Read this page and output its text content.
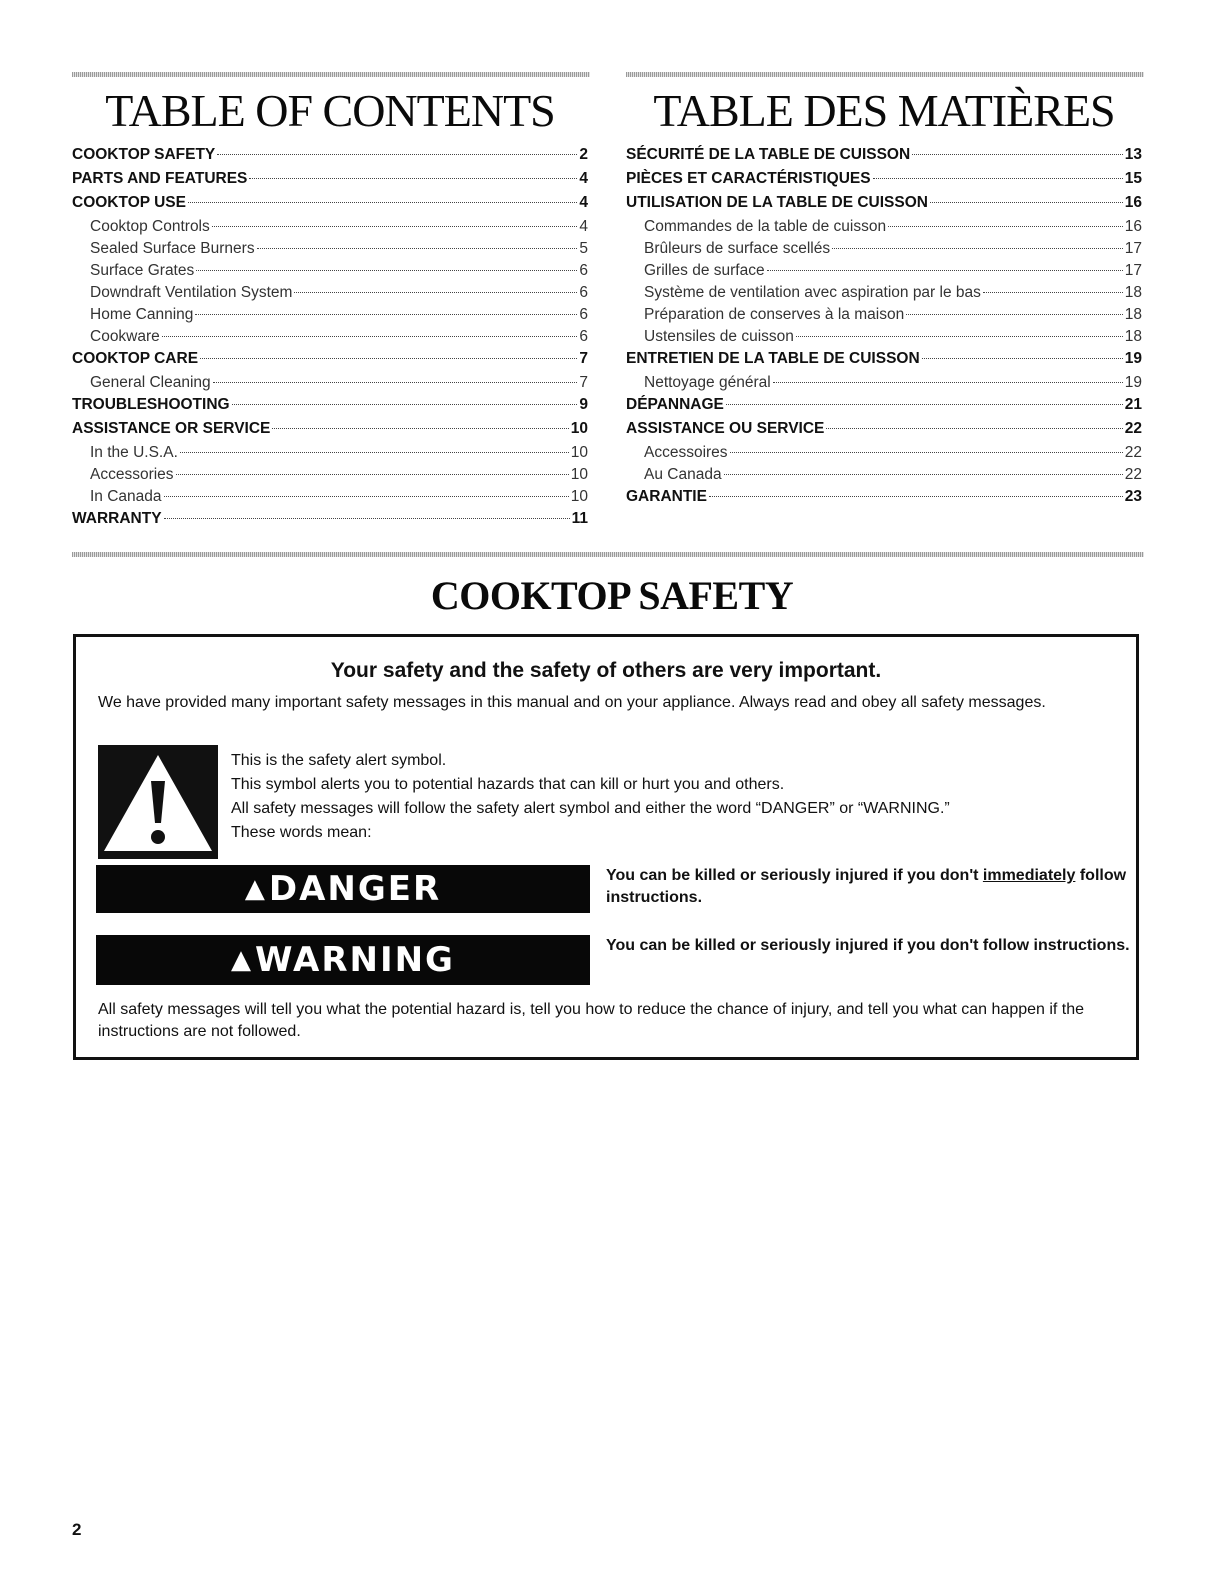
TABLE OF CONTENTS
COOKTOP SAFETY	2
PARTS AND FEATURES	4
COOKTOP USE	4
Cooktop Controls	4
Sealed Surface Burners	5
Surface Grates	6
Downdraft Ventilation System	6
Home Canning	6
Cookware	6
COOKTOP CARE	7
General Cleaning	7
TROUBLESHOOTING	9
ASSISTANCE OR SERVICE	10
In the U.S.A.	10
Accessories	10
In Canada	10
WARRANTY	11
TABLE DES MATIÈRES
SÉCURITÉ DE LA TABLE DE CUISSON	13
PIÈCES ET CARACTÉRISTIQUES	15
UTILISATION DE LA TABLE DE CUISSON	16
Commandes de la table de cuisson	16
Brûleurs de surface scellés	17
Grilles de surface	17
Système de ventilation avec aspiration par le bas	18
Préparation de conserves à la maison	18
Ustensiles de cuisson	18
ENTRETIEN DE LA TABLE DE CUISSON	19
Nettoyage général	19
DÉPANNAGE	21
ASSISTANCE OU SERVICE	22
Accessoires	22
Au Canada	22
GARANTIE	23
COOKTOP SAFETY
Your safety and the safety of others are very important.

We have provided many important safety messages in this manual and on your appliance. Always read and obey all safety messages.

This is the safety alert symbol.
This symbol alerts you to potential hazards that can kill or hurt you and others.
All safety messages will follow the safety alert symbol and either the word “DANGER” or “WARNING.”
These words mean:
▲ DANGER	You can be killed or seriously injured if you don't immediately follow instructions.

▲ WARNING	You can be killed or seriously injured if you don't follow instructions.

All safety messages will tell you what the potential hazard is, tell you how to reduce the chance of injury, and tell you what can happen if the instructions are not followed.

2
